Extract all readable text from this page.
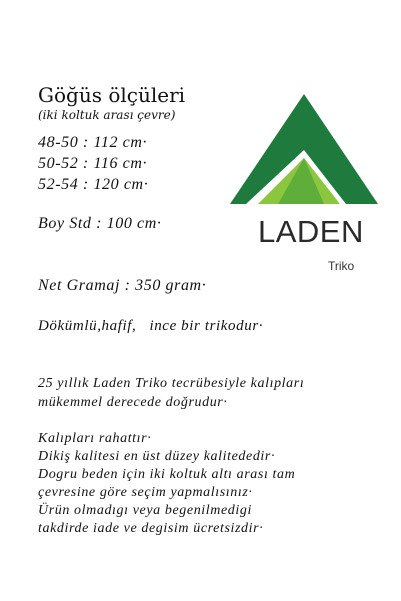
Göğüs ölçüleri
(iki koltuk arası çevre)
48-50 : 112 cm·
50-52 : 116 cm·
52-54 : 120 cm·
Boy Std : 100 cm·
Net Gramaj : 350 gram·
Dökümlü,hafif,   ince bir trikodur·
25 yıllık Laden Triko tecrübesiyle kalıpları
mükemmel derecede doğrudur·
Kalıpları rahattır·
Dikiş kalitesi en üst düzey kalitededir·
Dogru beden için iki koltuk altı arası tam
çevresine göre seçim yapmalısınız·
Ürün olmadıgı veya begenilmedigi
takdirde iade ve degisim ücretsizdir·
LADEN
Triko
